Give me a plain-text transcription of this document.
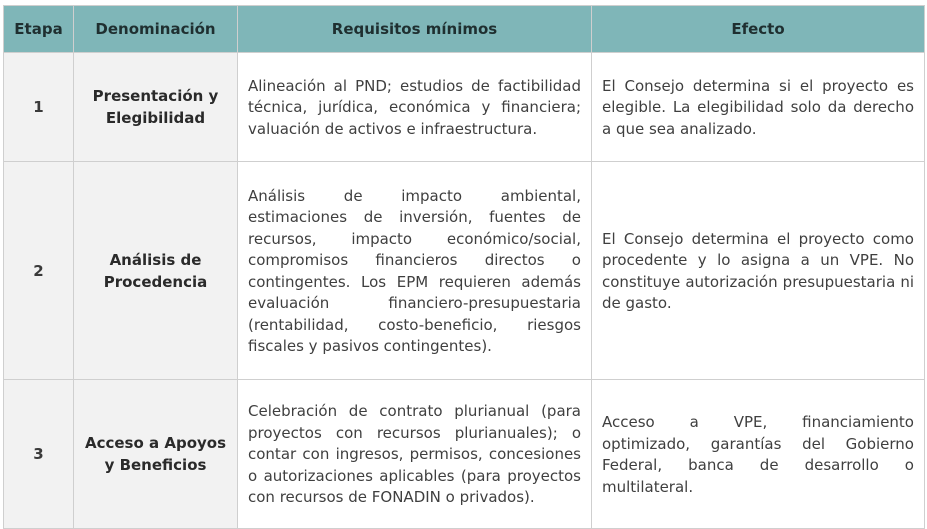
Etapa	Denominación	Requisitos mínimos	Efecto
1	Presentación y Elegibilidad	Alineación al PND; estudios de factibilidad técnica, jurídica, económica y financiera; valuación de activos e infraestructura.	El Consejo determina si el proyecto es elegible. La elegibilidad solo da derecho a que sea analizado.
2	Análisis de Procedencia	Análisis de impacto ambiental, estimaciones de inversión, fuentes de recursos, impacto económico/social, compromisos financieros directos o contingentes. Los EPM requieren además evaluación financiero-presupuestaria (rentabilidad, costo-beneficio, riesgos fiscales y pasivos contingentes).	El Consejo determina el proyecto como procedente y lo asigna a un VPE. No constituye autorización presupuestaria ni de gasto.
3	Acceso a Apoyos y Beneficios	Celebración de contrato plurianual (para proyectos con recursos plurianuales); o contar con ingresos, permisos, concesiones o autorizaciones aplicables (para proyectos con recursos de FONADIN o privados).	Acceso a VPE, financiamiento optimizado, garantías del Gobierno Federal, banca de desarrollo o multilateral.
